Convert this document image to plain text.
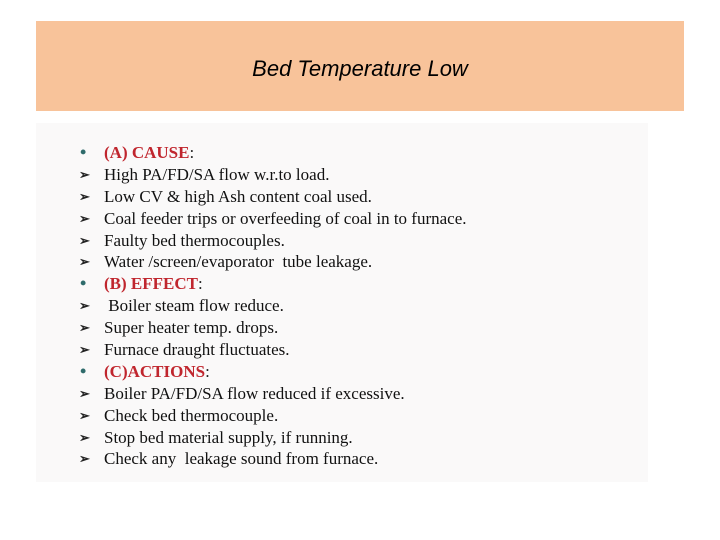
Bed Temperature Low
•	(A) CAUSE:
➢ High PA/FD/SA flow w.r.to load.
➢ Low CV & high Ash content coal used.
➢ Coal feeder trips or overfeeding of coal in to furnace.
➢ Faulty bed thermocouples.
➢ Water /screen/evaporator  tube leakage.
•	(B) EFFECT:
➢ Boiler steam flow reduce.
➢ Super heater temp. drops.
➢ Furnace draught fluctuates.
•	(C)ACTIONS:
➢ Boiler PA/FD/SA flow reduced if excessive.
➢ Check bed thermocouple.
➢ Stop bed material supply, if running.
➢ Check any  leakage sound from furnace.
